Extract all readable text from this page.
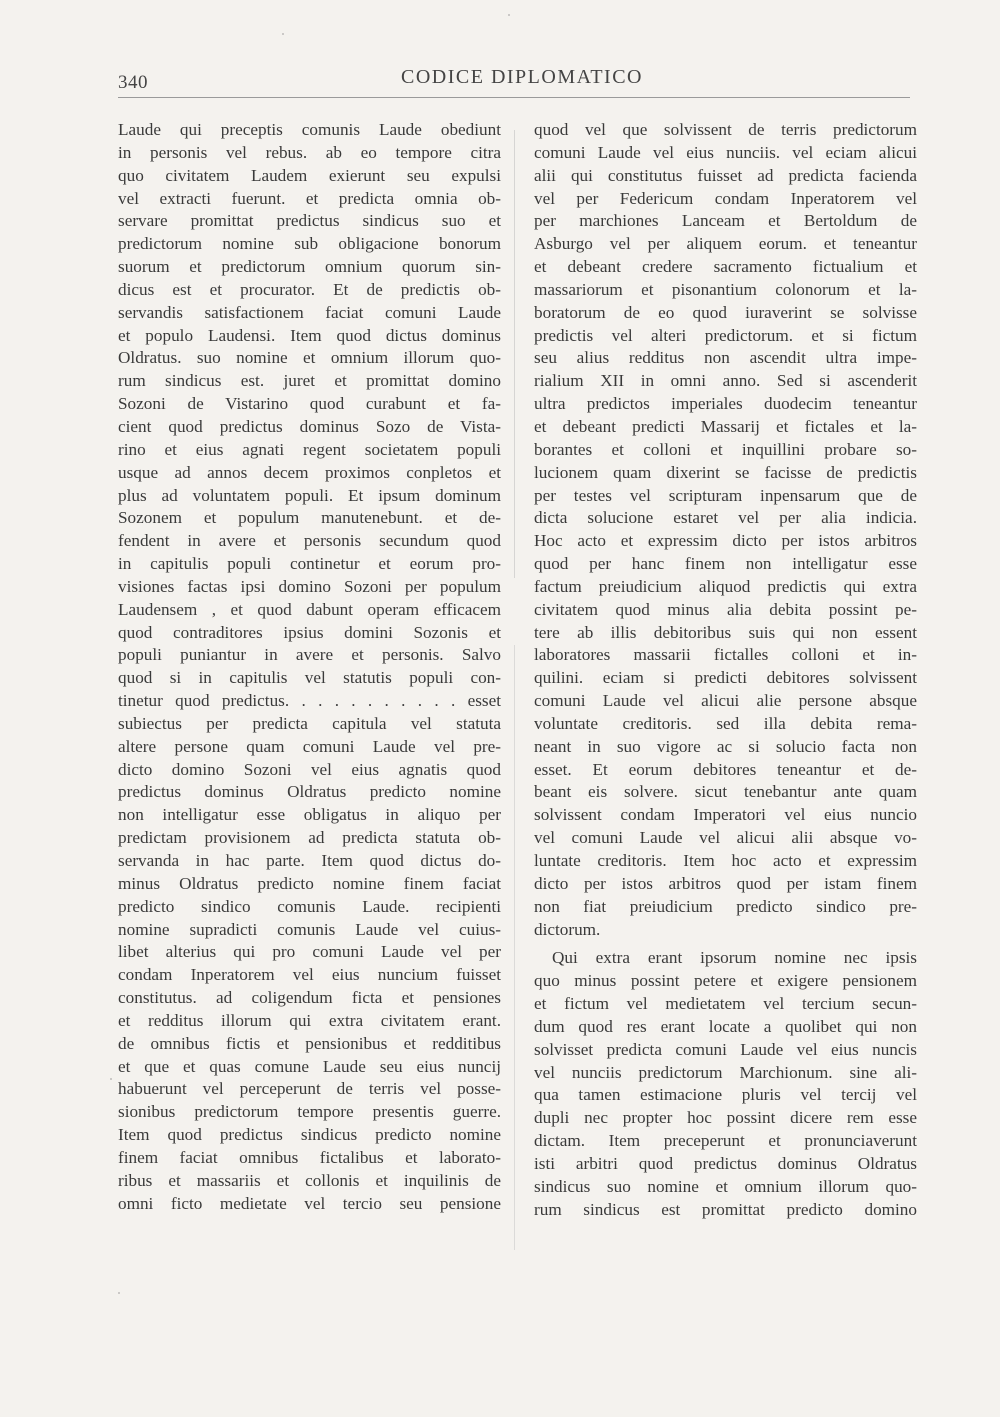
340	CODICE DIPLOMATICO
Laude qui preceptis comunis Laude obediunt
in personis vel rebus. ab eo tempore citra
quo civitatem Laudem exierunt seu expulsi
vel extracti fuerunt. et predicta omnia ob-
servare promittat predictus sindicus suo et
predictorum nomine sub obligacione bonorum
suorum et predictorum omnium quorum sin-
dicus est et procurator. Et de predictis ob-
servandis satisfactionem faciat comuni Laude
et populo Laudensi. Item quod dictus dominus
Oldratus. suo nomine et omnium illorum quo-
rum sindicus est. juret et promittat domino
Sozoni de Vistarino quod curabunt et fa-
cient quod predictus dominus Sozo de Vista-
rino et eius agnati regent societatem populi
usque ad annos decem proximos conpletos et
plus ad voluntatem populi. Et ipsum dominum
Sozonem et populum manutenebunt. et de-
fendent in avere et personis secundum quod
in capitulis populi continetur et eorum pro-
visiones factas ipsi domino Sozoni per populum
Laudensem , et quod dabunt operam efficacem
quod contraditores ipsius domini Sozonis et
populi puniantur in avere et personis. Salvo
quod si in capitulis vel statutis populi con-
tinetur quod predictus. . . . . . . . . . . esset
subiectus per predicta capitula vel statuta
altere persone quam comuni Laude vel pre-
dicto domino Sozoni vel eius agnatis quod
predictus dominus Oldratus predicto nomine
non intelligatur esse obligatus in aliquo per
predictam provisionem ad predicta statuta ob-
servanda in hac parte. Item quod dictus do-
minus Oldratus predicto nomine finem faciat
predicto sindico comunis Laude. recipienti
nomine supradicti comunis Laude vel cuius-
libet alterius qui pro comuni Laude vel per
condam Inperatorem vel eius nuncium fuisset
constitutus. ad coligendum ficta et pensiones
et redditus illorum qui extra civitatem erant.
de omnibus fictis et pensionibus et redditibus
et que et quas comune Laude seu eius nuncij
habuerunt vel perceperunt de terris vel posse-
sionibus predictorum tempore presentis guerre.
Item quod predictus sindicus predicto nomine
finem faciat omnibus fictalibus et laborato-
ribus et massariis et collonis et inquilinis de
omni ficto medietate vel tercio seu pensione
quod vel que solvissent de terris predictorum
comuni Laude vel eius nunciis. vel eciam alicui
alii qui constitutus fuisset ad predicta facienda
vel per Federicum condam Inperatorem vel
per marchiones Lanceam et Bertoldum de
Asburgo vel per aliquem eorum. et teneantur
et debeant credere sacramento fictualium et
massariorum et pisonantium colonorum et la-
boratorum de eo quod iuraverint se solvisse
predictis vel alteri predictorum. et si fictum
seu alius redditus non ascendit ultra impe-
rialium XII in omni anno. Sed si ascenderit
ultra predictos imperiales duodecim teneantur
et debeant predicti Massarij et fictales et la-
borantes et colloni et inquillini probare so-
lucionem quam dixerint se facisse de predictis
per testes vel scripturam inpensarum que de
dicta solucione estaret vel per alia indicia.
Hoc acto et expressim dicto per istos arbitros
quod per hanc finem non intelligatur esse
factum preiudicium aliquod predictis qui extra
civitatem quod minus alia debita possint pe-
tere ab illis debitoribus suis qui non essent
laboratores massarii fictalles colloni et in-
quilini. eciam si predicti debitores solvissent
comuni Laude vel alicui alie persone absque
voluntate creditoris. sed illa debita rema-
neant in suo vigore ac si solucio facta non
esset. Et eorum debitores teneantur et de-
beant eis solvere. sicut tenebantur ante quam
solvissent condam Imperatori vel eius nuncio
vel comuni Laude vel alicui alii absque vo-
luntate creditoris. Item hoc acto et expressim
dicto per istos arbitros quod per istam finem
non fiat preiudicium predicto sindico pre-
dictorum.
Qui extra erant ipsorum nomine nec ipsis
quo minus possint petere et exigere pensionem
et fictum vel medietatem vel tercium secun-
dum quod res erant locate a quolibet qui non
solvisset predicta comuni Laude vel eius nuncis
vel nunciis predictorum Marchionum. sine ali-
qua tamen estimacione pluris vel tercij vel
dupli nec propter hoc possint dicere rem esse
dictam. Item preceperunt et pronunciaverunt
isti arbitri quod predictus dominus Oldratus
sindicus suo nomine et omnium illorum quo-
rum sindicus est promittat predicto domino
